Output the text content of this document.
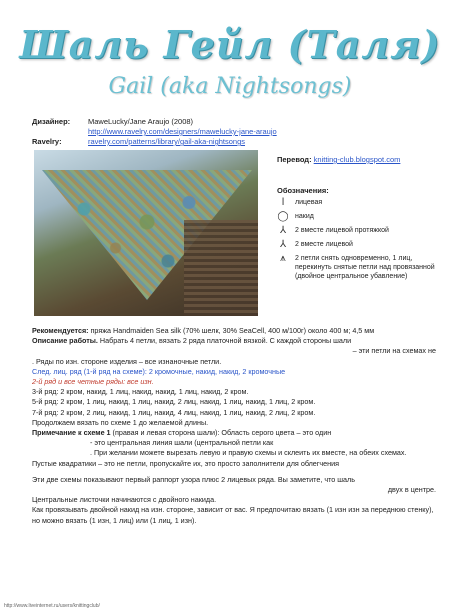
Шаль Гейл (Таля)
Gail (aka Nightsongs)
Дизайнер:	MaweLucky/Jane Araujo (2008)
http://www.ravelry.com/designers/mawelucky-jane-araujo
Ravelry:	ravelry.com/patterns/library/gail-aka-nightsongs
Перевод: knitting-club.blogspot.com
Обозначения:
ǀ	лицевая
◯ накид
⅄	2 вместе лицевой протяжкой
⅄	2 вместе лицевой
⩚	2 петли снять одновременно, 1 лиц, перекинуть снятые петли над провязанной (двойное центральное убавление)

Рекомендуется: пряжа Handmaiden Sea silk (70% шелк, 30% SeaCell, 400 м/100г) около 400 м; 4,5 мм

Описание работы. Набрать 4 петли, вязать 2 ряда платочной вязкой. С каждой стороны шали

– эти петли на схемах не

. Ряды по изн. стороне изделия – все изнаночные петли.

След. лиц. ряд (1-й ряд на схеме): 2 кромочные, накид, накид, 2 кромочные

2-й ряд и все четные ряды: все изн.

3-й ряд: 2 кром, накид, 1 лиц, накид, накид, 1 лиц, накид, 2 кром.

5-й ряд: 2 кром, 1 лиц, накид, 1 лиц, накид, 2 лиц, накид, 1 лиц, накид, 1 лиц, 2 кром.

7-й ряд: 2 кром, 2 лиц, накид, 1 лиц, накид, 4 лиц, накид, 1 лиц, накид, 2 лиц, 2 кром.

Продолжаем вязать по схеме 1 до желаемой длины.

Примечание к схеме 1 (правая и левая сторона шали): Область серого цвета – это один

- это центральная линия шали (центральной петли как

. При желании можете вырезать левую и правую схемы и склеить их вместе, на обеих схемах.

Пустые квадратики – это не петли, пропускайте их, это просто заполнители для облегчения

Эти две схемы показывают первый раппорт узора плюс 2 лицевых ряда. Вы заметите, что шаль

двух в центре.

Центральные листочки начинаются с двойного накида.

Как провязывать двойной накид на изн. стороне, зависит от вас. Я предпочитаю вязать (1 изн изн за переднюю стенку), но можно вязать (1 изн, 1 лиц) или (1 лиц, 1 изн).

http://www.liveinternet.ru/users/knittingclub/
